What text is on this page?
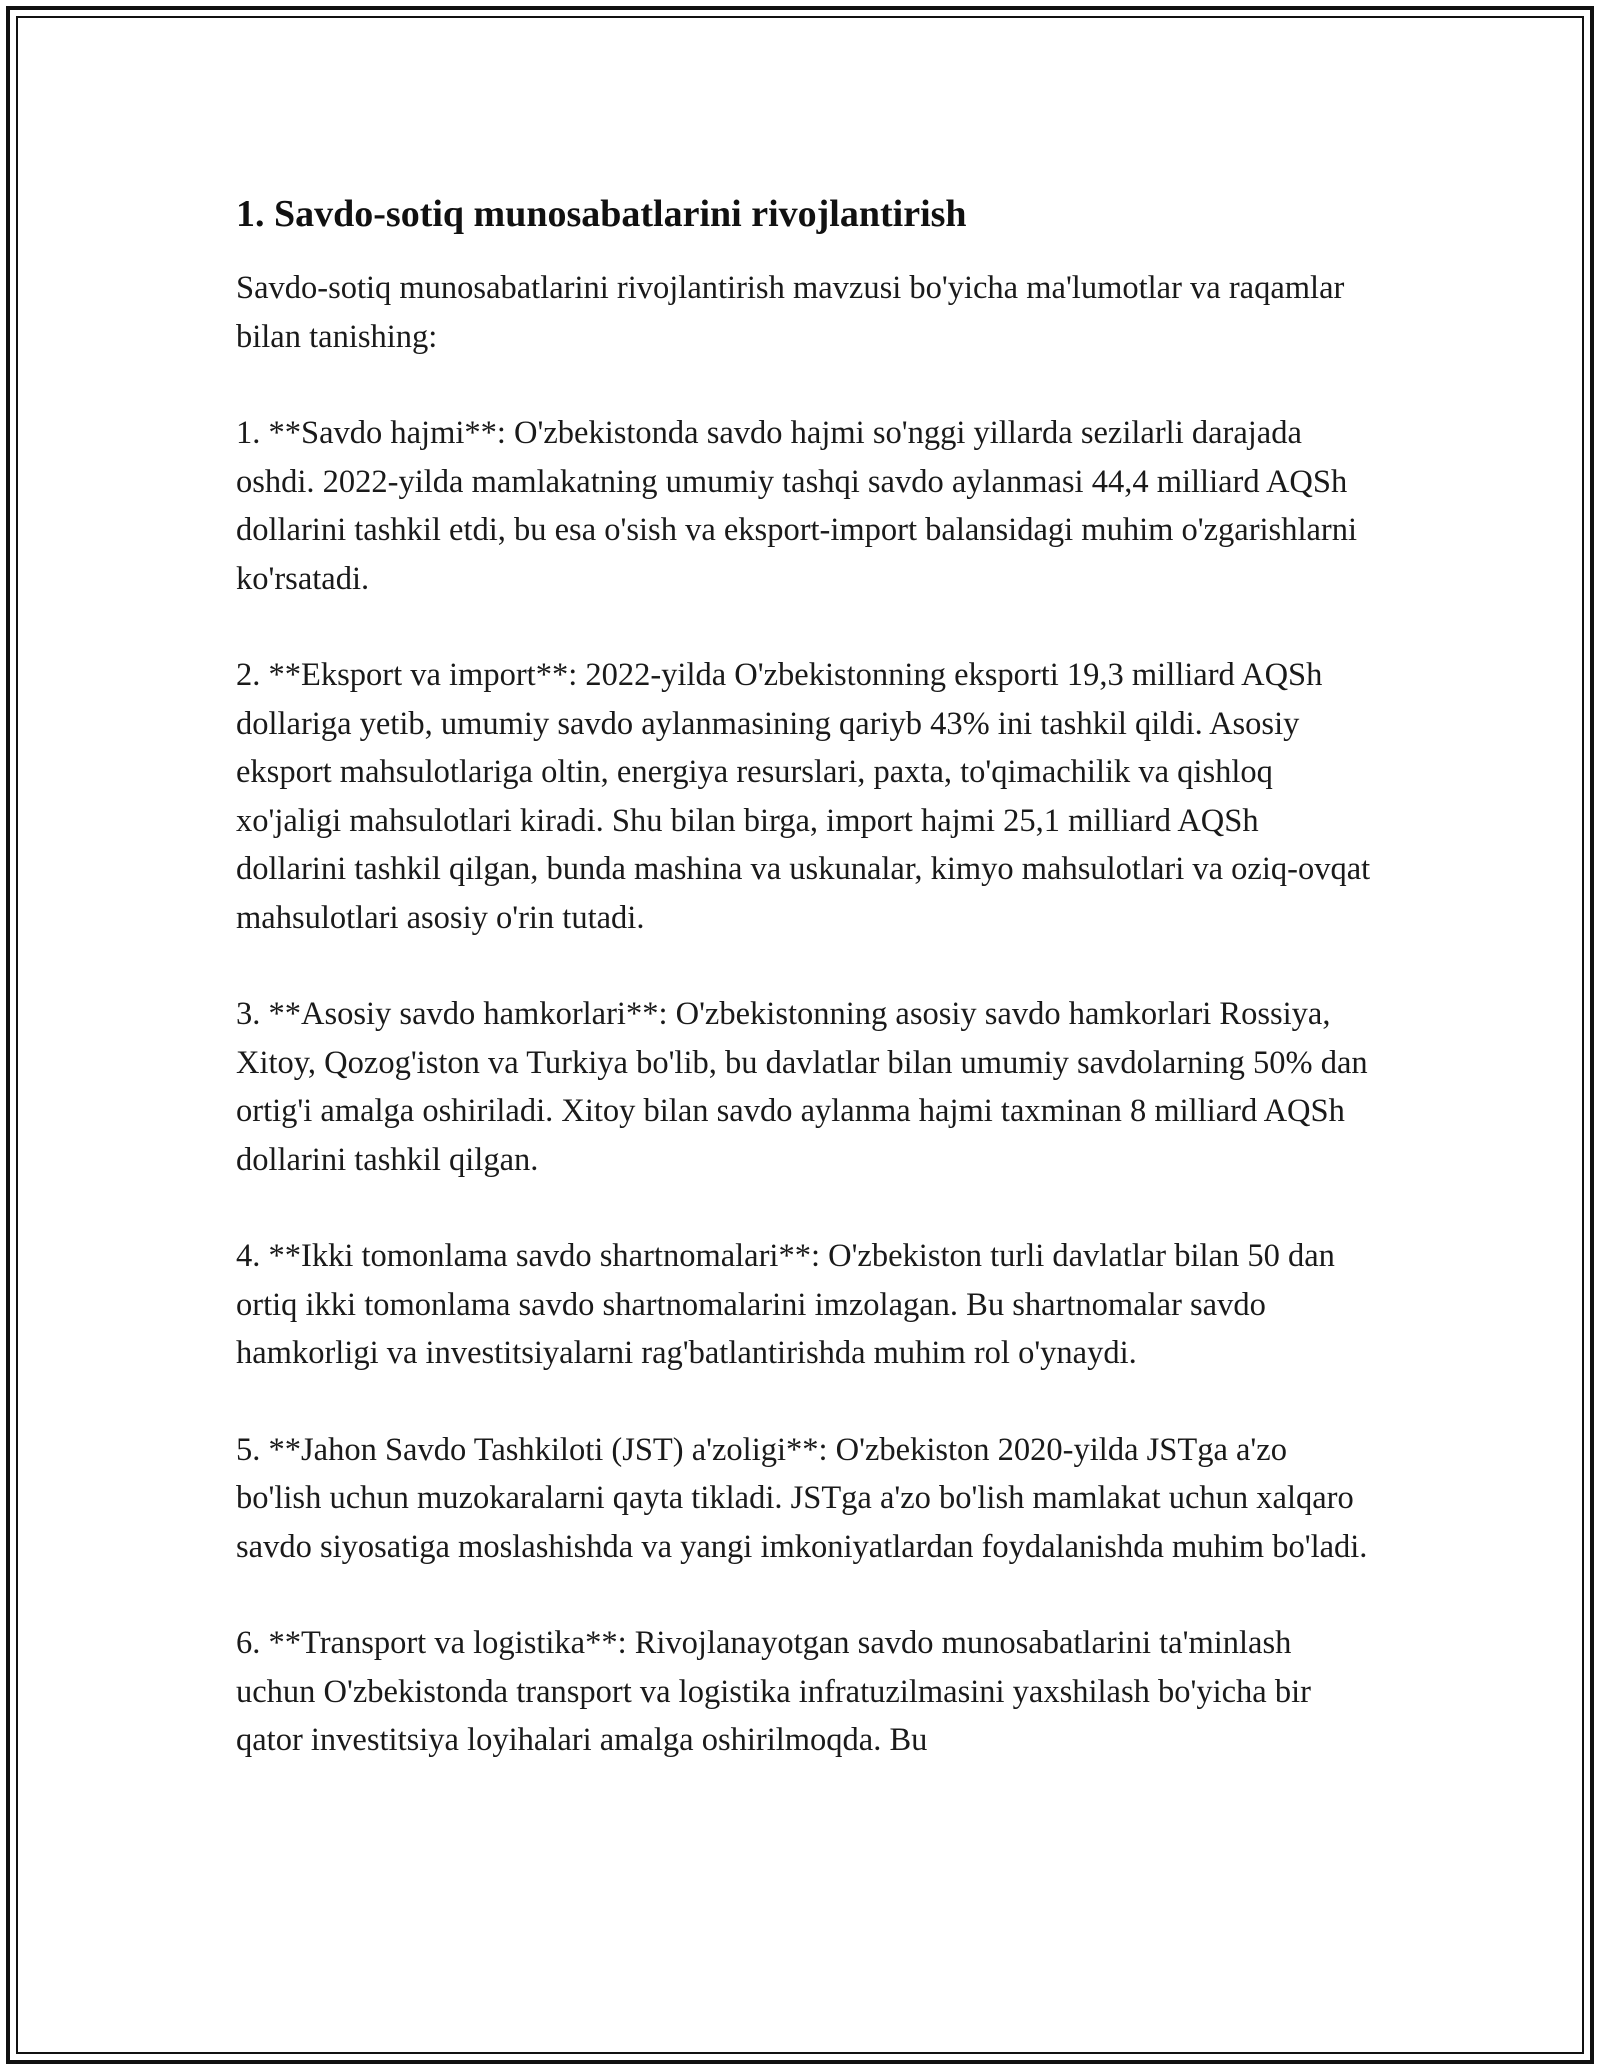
1. Savdo-sotiq munosabatlarini rivojlantirish

Savdo-sotiq munosabatlarini rivojlantirish mavzusi bo'yicha ma'lumotlar va raqamlar bilan tanishing:

1. **Savdo hajmi**: O'zbekistonda savdo hajmi so'nggi yillarda sezilarli darajada oshdi. 2022-yilda mamlakatning umumiy tashqi savdo aylanmasi 44,4 milliard AQSh dollarini tashkil etdi, bu esa o'sish va eksport-import balansidagi muhim o'zgarishlarni ko'rsatadi.

2. **Eksport va import**: 2022-yilda O'zbekistonning eksporti 19,3 milliard AQSh dollariga yetib, umumiy savdo aylanmasining qariyb 43% ini tashkil qildi. Asosiy eksport mahsulotlariga oltin, energiya resurslari, paxta, to'qimachilik va qishloq xo'jaligi mahsulotlari kiradi. Shu bilan birga, import hajmi 25,1 milliard AQSh dollarini tashkil qilgan, bunda mashina va uskunalar, kimyo mahsulotlari va oziq-ovqat mahsulotlari asosiy o'rin tutadi.

3. **Asosiy savdo hamkorlari**: O'zbekistonning asosiy savdo hamkorlari Rossiya, Xitoy, Qozog'iston va Turkiya bo'lib, bu davlatlar bilan umumiy savdolarning 50% dan ortig'i amalga oshiriladi. Xitoy bilan savdo aylanma hajmi taxminan 8 milliard AQSh dollarini tashkil qilgan.

4. **Ikki tomonlama savdo shartnomalari**: O'zbekiston turli davlatlar bilan 50 dan ortiq ikki tomonlama savdo shartnomalarini imzolagan. Bu shartnomalar savdo hamkorligi va investitsiyalarni rag'batlantirishda muhim rol o'ynaydi.

5. **Jahon Savdo Tashkiloti (JST) a'zoligi**: O'zbekiston 2020-yilda JSTga a'zo bo'lish uchun muzokaralarni qayta tikladi. JSTga a'zo bo'lish mamlakat uchun xalqaro savdo siyosatiga moslashishda va yangi imkoniyatlardan foydalanishda muhim bo'ladi.

6. **Transport va logistika**: Rivojlanayotgan savdo munosabatlarini ta'minlash uchun O'zbekistonda transport va logistika infratuzilmasini yaxshilash bo'yicha bir qator investitsiya loyihalari amalga oshirilmoqda. Bu
